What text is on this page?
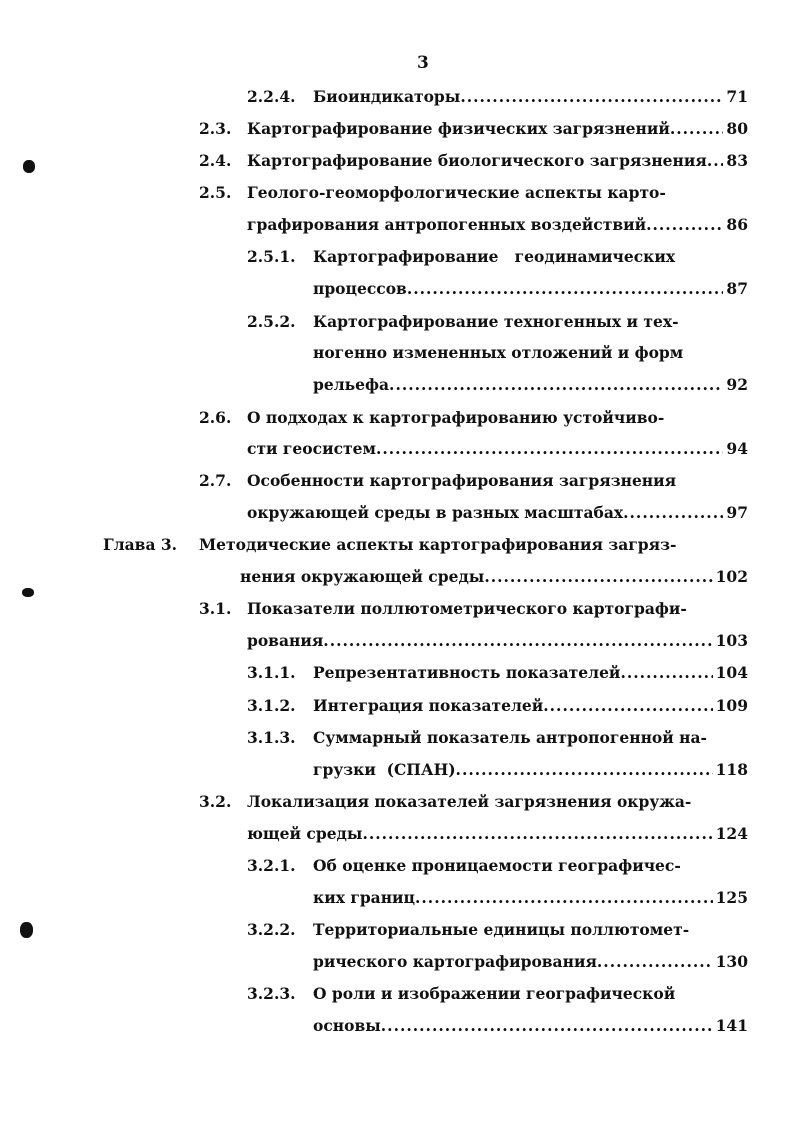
3
2.2.4.	Биоиндикаторы .....	71
2.3.	Картографирование физических загрязнений .....	80
2.4.	Картографирование биологического загрязнения ..... 83
2.5.	Геолого-геоморфологические аспекты карто-
графирования антропогенных воздействий .....	86
2.5.1.	Картографирование   геодинамических
процессов .....	87
2.5.2.	Картографирование техногенных и тех-
ногенно измененных отложений и форм
рельефа .....	92
2.6.	О подходах к картографированию устойчиво-
сти геосистем .....	94
2.7.	Особенности картографирования загрязнения
окружающей среды в разных масштабах .....	97
Глава 3. Методические аспекты картографирования загряз-
нения окружающей среды .....	102
3.1.	Показатели поллютометрического картографи-
рования .....	103
3.1.1.	Репрезентативность показателей .....	104
3.1.2.	Интеграция показателей .....	109
3.1.3.	Суммарный показатель антропогенной на-
грузки  (СПАН) .....	118
3.2.	Локализация показателей загрязнения окружа-
ющей среды .....	124
3.2.1.	Об оценке проницаемости географичес-
ких границ .....	125
3.2.2.	Территориальные единицы поллютомет-
рического картографирования .....	130
3.2.3.	О роли и изображении географической
основы .....	141
